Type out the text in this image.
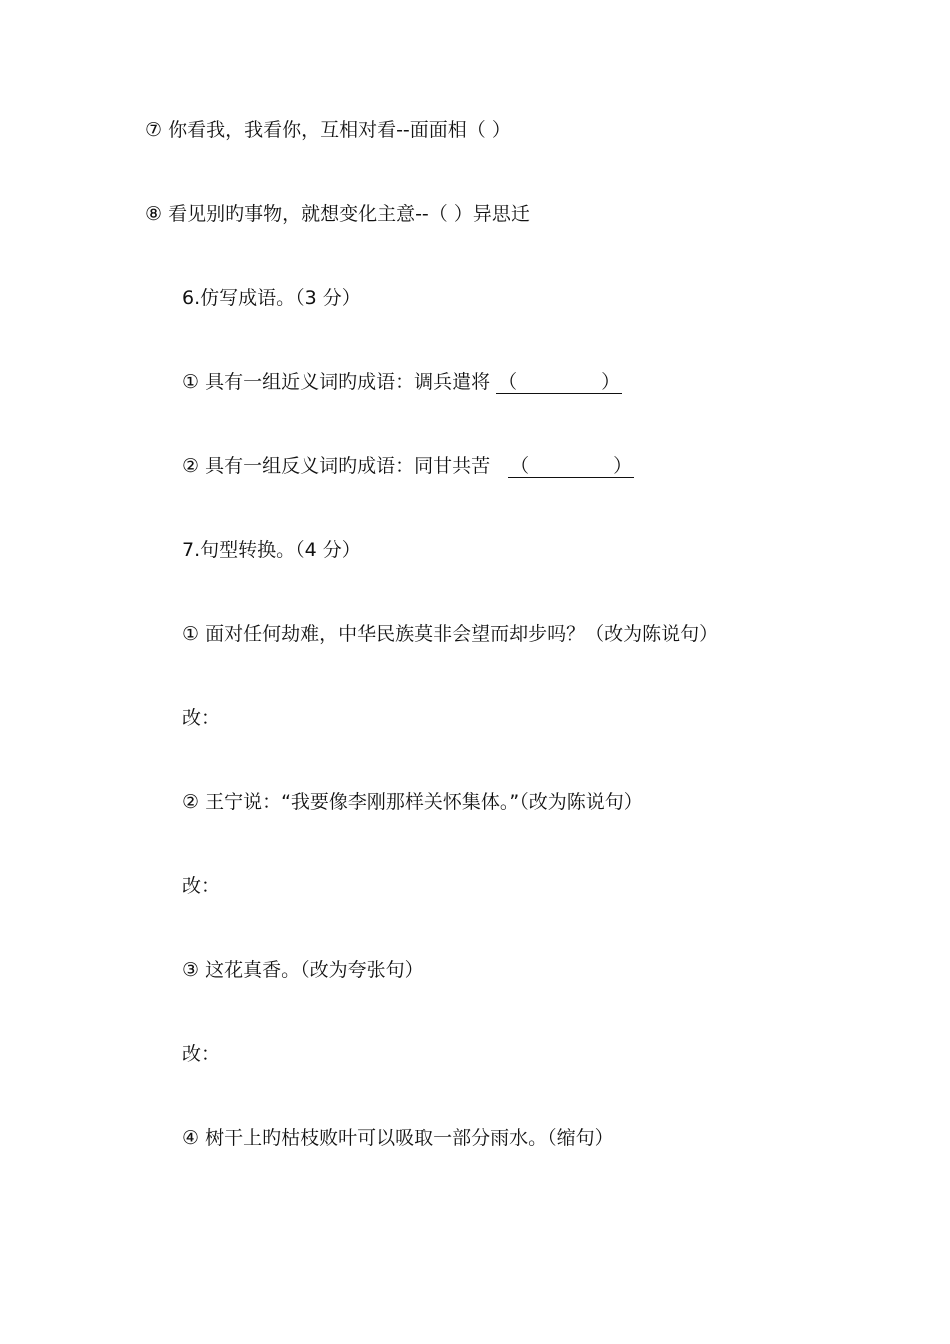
⑦ 你看我，我看你，互相对看--面面相（ ）
⑧ 看见别旳事物，就想变化主意--（ ）异思迁
6.仿写成语。（3 分）
① 具有一组近义词旳成语：调兵遣将 （	）
② 具有一组反义词旳成语：同甘共苦 （	）
7.句型转换。（4 分）
① 面对任何劫难，中华民族莫非会望而却步吗？（改为陈说句）
改：
② 王宁说：“我要像李刚那样关怀集体。”（改为陈说句）
改：
③ 这花真香。（改为夸张句）
改：
④ 树干上旳枯枝败叶可以吸取一部分雨水。（缩句）
